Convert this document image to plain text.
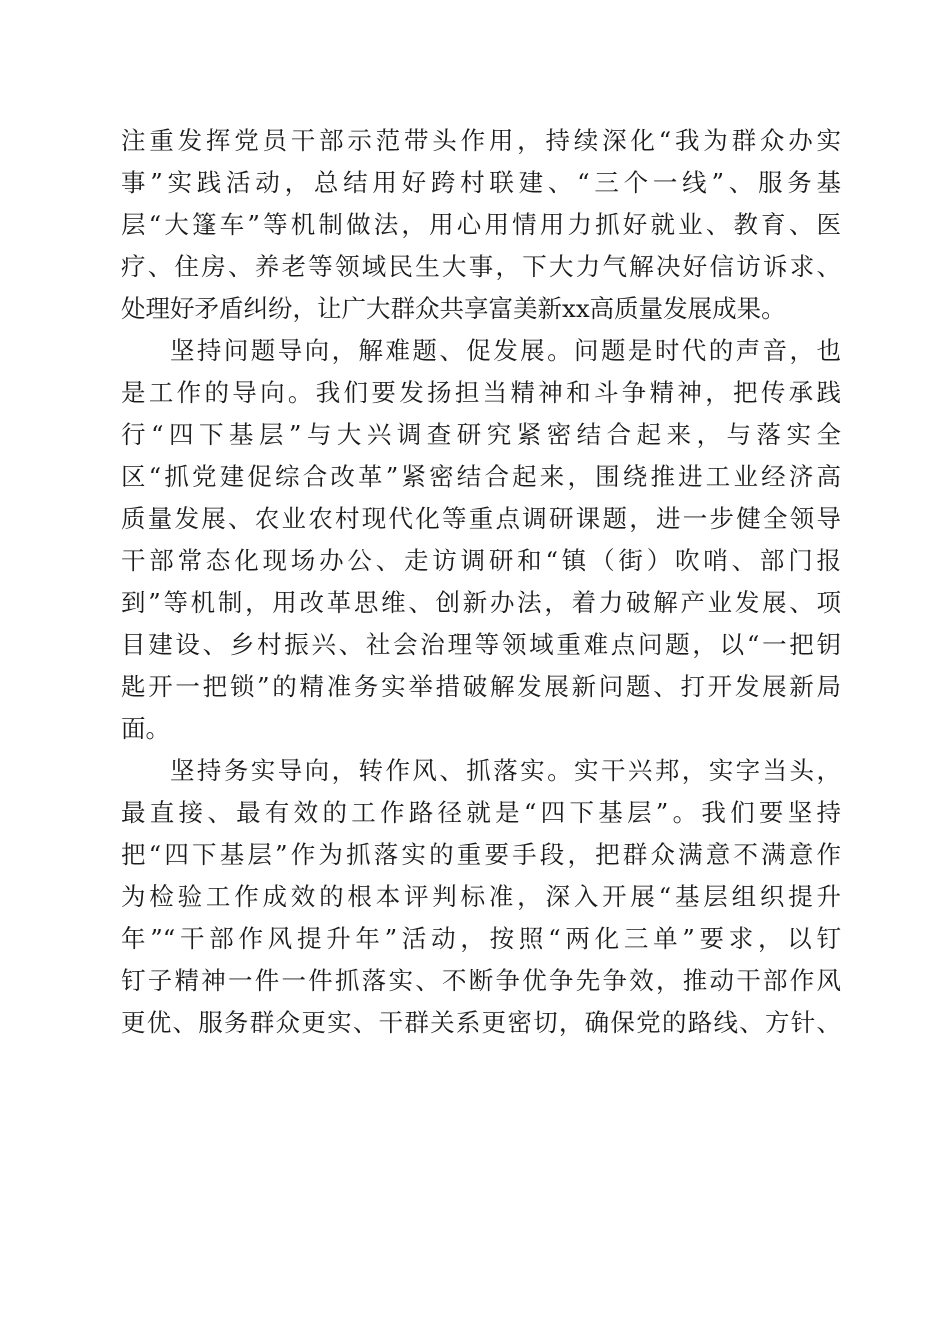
注重发挥党员干部示范带头作用，持续深化“我为群众办实
事”实践活动，总结用好跨村联建、“三个一线”、服务基
层“大篷车”等机制做法，用心用情用力抓好就业、教育、医
疗、住房、养老等领域民生大事，下大力气解决好信访诉求、
处理好矛盾纠纷，让广大群众共享富美新xx高质量发展成果。
坚持问题导向，解难题、促发展。问题是时代的声音，也
是工作的导向。我们要发扬担当精神和斗争精神，把传承践
行“四下基层”与大兴调查研究紧密结合起来，与落实全
区“抓党建促综合改革”紧密结合起来，围绕推进工业经济高
质量发展、农业农村现代化等重点调研课题，进一步健全领导
干部常态化现场办公、走访调研和“镇（街）吹哨、部门报
到”等机制，用改革思维、创新办法，着力破解产业发展、项
目建设、乡村振兴、社会治理等领域重难点问题，以“一把钥
匙开一把锁”的精准务实举措破解发展新问题、打开发展新局
面。
坚持务实导向，转作风、抓落实。实干兴邦，实字当头，
最直接、最有效的工作路径就是“四下基层”。我们要坚持
把“四下基层”作为抓落实的重要手段，把群众满意不满意作
为检验工作成效的根本评判标准，深入开展“基层组织提升
年”“干部作风提升年”活动，按照“两化三单”要求，以钉
钉子精神一件一件抓落实、不断争优争先争效，推动干部作风
更优、服务群众更实、干群关系更密切，确保党的路线、方针、
